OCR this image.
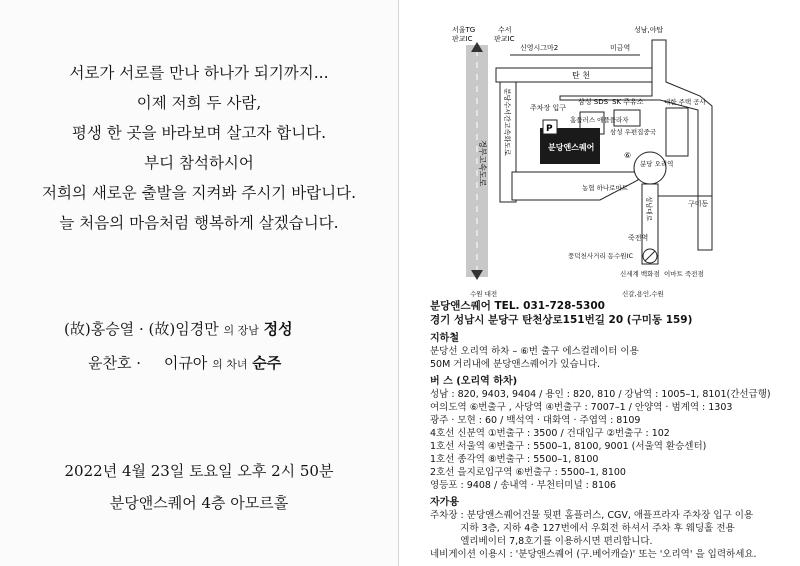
서로가 서로를 만나 하나가 되기까지...
이제 저희 두 사람,
평생 한 곳을 바라보며 살고자 합니다.
부디 참석하시어
저희의 새로운 출발을 지켜봐 주시기 바랍니다.
늘 처음의 마음처럼 행복하게 살겠습니다.
(故)홍승열 · (故)임경만 의 장남 정성
윤찬호 · 이규아 의 차녀 순주
2022년 4월 23일 토요일 오후 2시 50분
분당앤스퀘어 4층 아모르홀
경부고속도로
탄 천
신영시그마2	미금역
서울TG
판교IC
수서
판교IC
성남,야탑
분당수서간고속화도로	P
분당앤스퀘어
주차장 입구
삼성 SDS
홈플러스 애플플라자
SK 주유소
삼성 우편집중국
대한 주택 공사
농협 하나로마트
⑥
분당 오리역
성남대로	구미동
죽전역
풍덕천사거리 동수원IC
신세계 백화점 이마트 죽전점
수원 대전	신갈,용인,수원
분당앤스퀘어 TEL. 031-728-5300
경기 성남시 분당구 탄천상로151번길 20 (구미동 159)
지하철
분당선 오리역 하차 – ⑥번 출구 에스컬레이터 이용
50M 거리내에 분당앤스퀘어가 있습니다.
버 스 (오리역 하차)
성남 : 820, 9403, 9404 / 용인 : 820, 810 / 강남역 : 1005–1, 8101(간선급행)
여의도역 ⑥번출구 , 사당역 ④번출구 : 7007–1 / 안양역 · 범계역 : 1303
광주 · 모현 : 60 / 백석역 · 대화역 · 주엽역 : 8109
4호선 신분역 ①번출구 : 3500 / 건대입구 ②번출구 : 102
1호선 서울역 ④번출구 : 5500–1, 8100, 9001 (서울역 환승센터)
1호선 종각역 ⑧번출구 : 5500–1, 8100
2호선 을지로입구역 ⑥번출구 : 5500–1, 8100
영등포 : 9408 / 송내역 · 부천터미널 : 8106
자가용
주차장 : 분당앤스퀘어건물 뒷편 홈플러스, CGV, 애플프라자 주차장 입구 이용
지하 3층, 지하 4층 127번에서 우회전 하셔서 주차 후 웨딩홀 전용
엘리베이터 7,8호기를 이용하시면 편리합니다.
네비게이션 이용시 : '분당앤스퀘어 (구.베어캐슬)' 또는 '오리역' 을 입력하세요.
